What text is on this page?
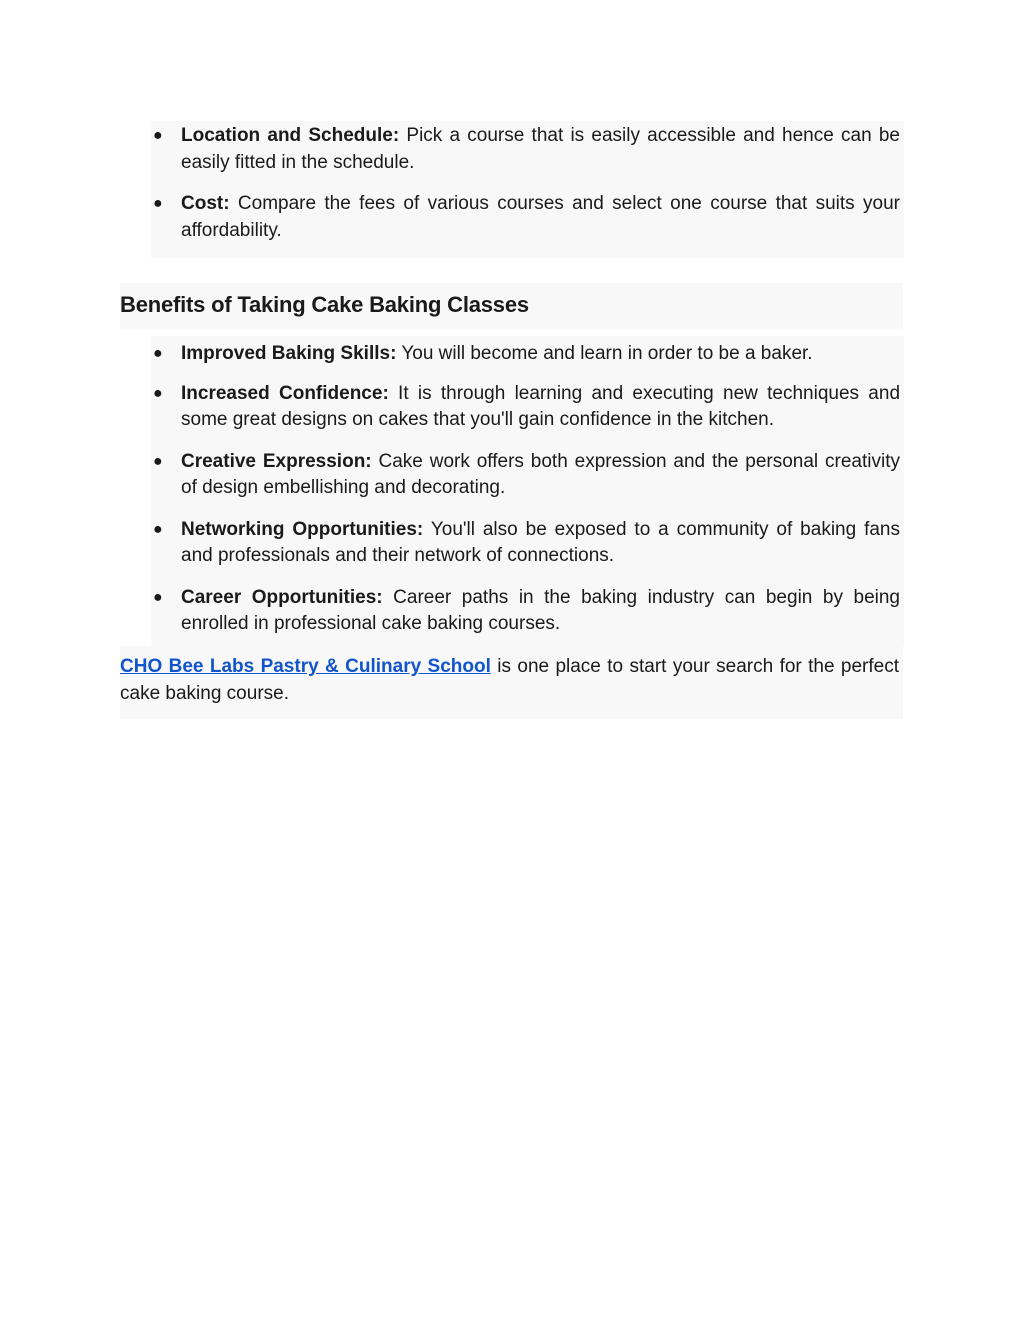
● Location and Schedule: Pick a course that is easily accessible and hence can be easily fitted in the schedule.
● Cost: Compare the fees of various courses and select one course that suits your affordability.
Benefits of Taking Cake Baking Classes
● Improved Baking Skills: You will become and learn in order to be a baker.
● Increased Confidence: It is through learning and executing new techniques and some great designs on cakes that you'll gain confidence in the kitchen.
● Creative Expression: Cake work offers both expression and the personal creativity of design embellishing and decorating.
● Networking Opportunities: You'll also be exposed to a community of baking fans and professionals and their network of connections.
● Career Opportunities: Career paths in the baking industry can begin by being enrolled in professional cake baking courses.
CHO Bee Labs Pastry & Culinary School is one place to start your search for the perfect cake baking course.
